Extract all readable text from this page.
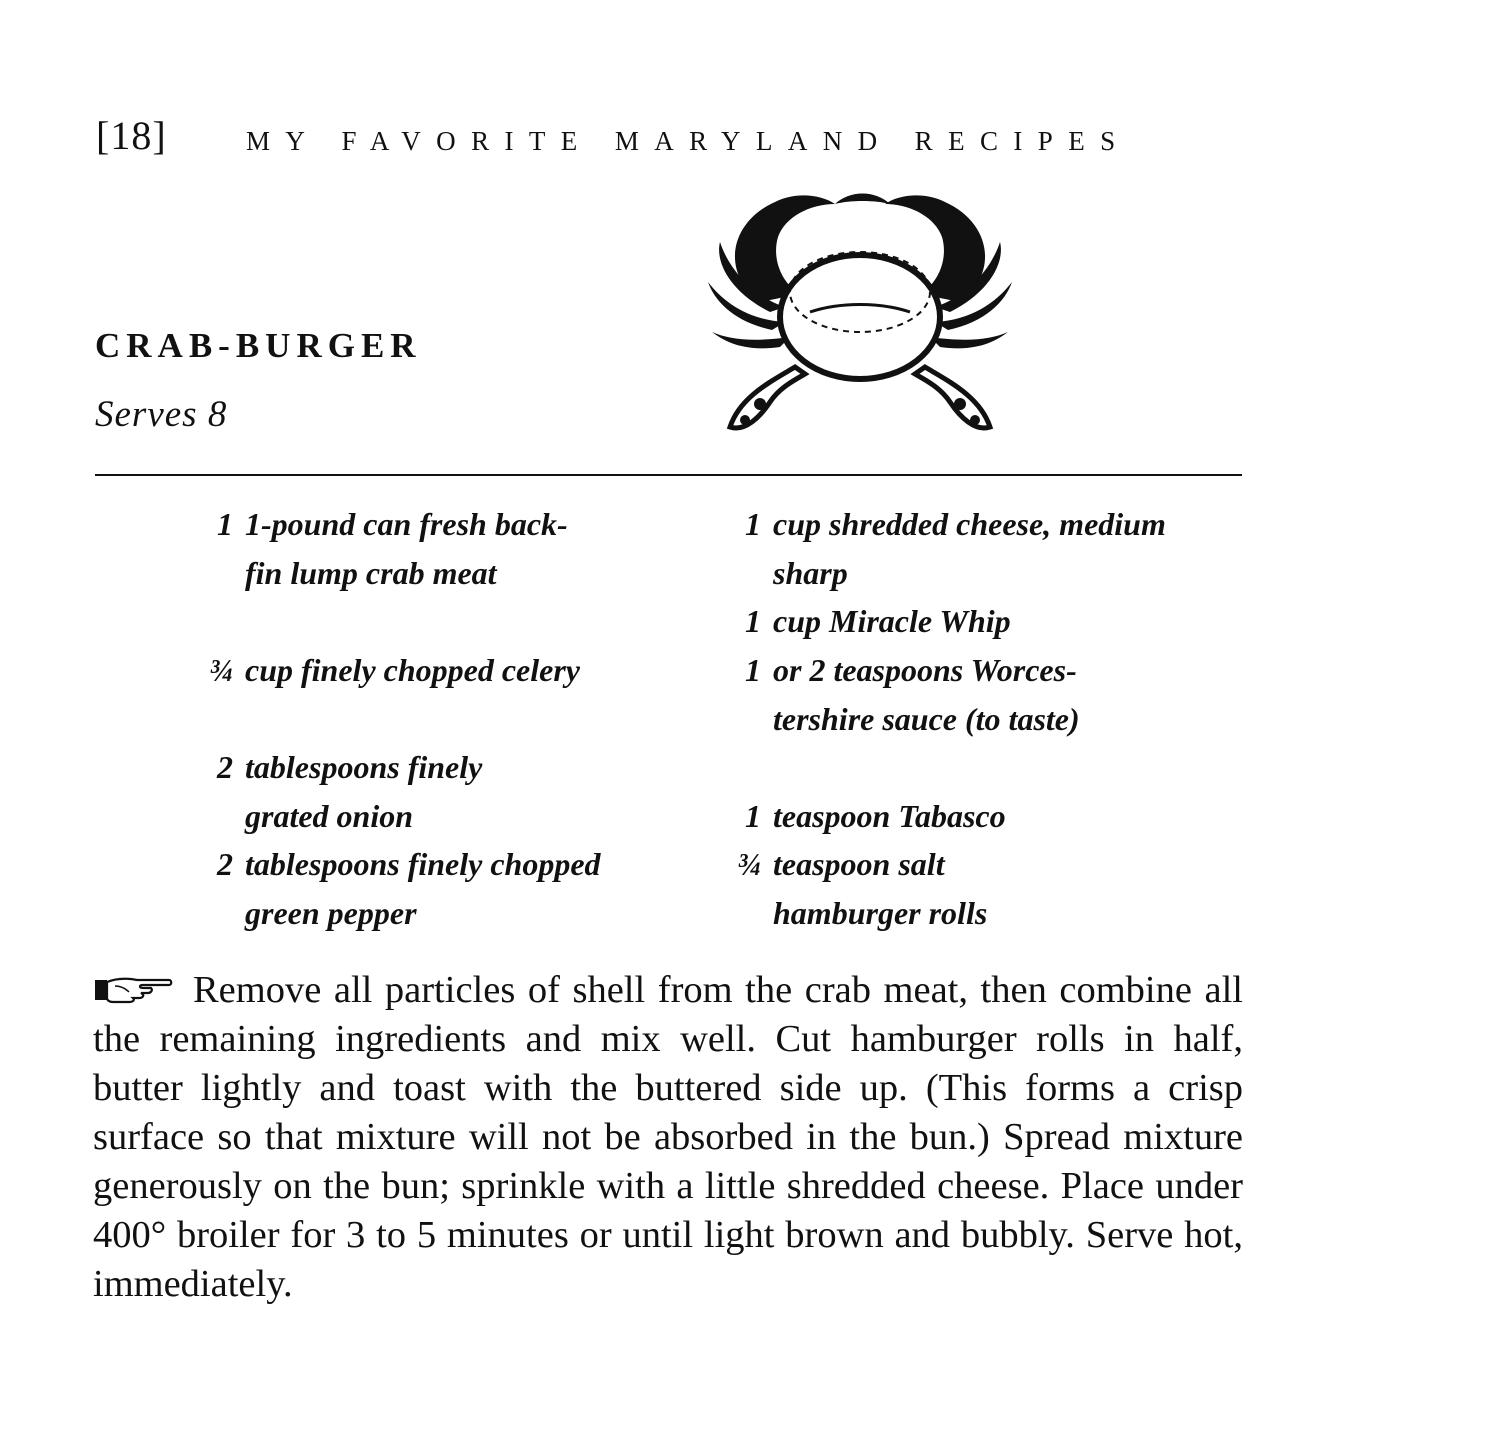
[18]	MY FAVORITE MARYLAND RECIPES
CRAB-BURGER
Serves 8
1 1-pound can fresh back-fin lump crab meat
¾ cup finely chopped celery
2 tablespoons finely grated onion
2 tablespoons finely chopped green pepper
1 cup shredded cheese, medium sharp
1 cup Miracle Whip
1 or 2 teaspoons Worces-tershire sauce (to taste)
1 teaspoon Tabasco
¾ teaspoon salt
hamburger rolls
Remove all particles of shell from the crab meat, then combine all the remaining ingredients and mix well. Cut hamburger rolls in half, butter lightly and toast with the buttered side up. (This forms a crisp surface so that mixture will not be absorbed in the bun.) Spread mixture generously on the bun; sprinkle with a little shredded cheese. Place under 400° broiler for 3 to 5 minutes or until light brown and bubbly. Serve hot, immediately.
